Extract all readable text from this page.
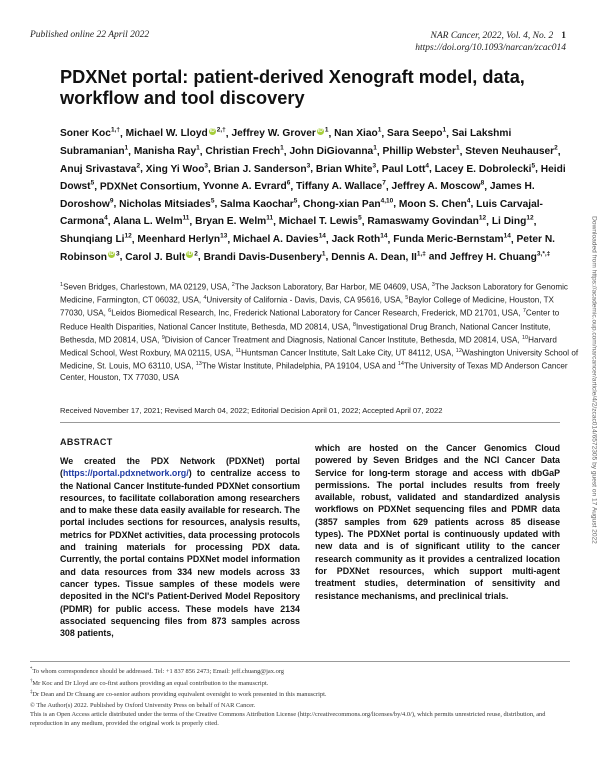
Published online 22 April 2022	NAR Cancer, 2022, Vol. 4, No. 2 1
https://doi.org/10.1093/narcan/zcac014
PDXNet portal: patient-derived Xenograft model, data, workflow and tool discovery
Soner Koc$^{1,\dagger}$, Michael W. Lloyd iD $^{2,\dagger}$, Jeffrey W. Grover iD $^1$, Nan Xiao$^1$, Sara Seepo$^1$, Sai Lakshmi Subramanian$^1$, Manisha Ray$^1$, Christian Frech$^1$, John DiGiovanna$^1$, Phillip Webster$^1$, Steven Neuhauser$^2$, Anuj Srivastava$^2$, Xing Yi Woo$^3$, Brian J. Sanderson$^3$, Brian White$^3$, Paul Lott$^4$, Lacey E. Dobrolecki$^5$, Heidi Dowst$^5$, PDXNet Consortium, Yvonne A. Evrard$^6$, Tiffany A. Wallace$^7$, Jeffrey A. Moscow$^8$, James H. Doroshow$^9$, Nicholas Mitsiades$^5$, Salma Kaochar$^5$, Chong-xian Pan$^{4,10}$, Moon S. Chen$^4$, Luis Carvajal-Carmona$^4$, Alana L. Welm$^{11}$, Bryan E. Welm$^{11}$, Michael T. Lewis$^5$, Ramaswamy Govindan$^{12}$, Li Ding$^{12}$, Shunqiang Li$^{12}$, Meenhard Herlyn$^{13}$, Michael A. Davies$^{14}$, Jack Roth$^{14}$, Funda Meric-Bernstam$^{14}$, Peter N. Robinson iD $^3$, Carol J. Bult iD $^2$, Brandi Davis-Dusenbery$^1$, Dennis A. Dean, $II^{1,\ddagger}$ and Jeffrey H. Chuang$^{3,*,\ddagger}$
$^1$Seven Bridges, Charlestown, MA 02129, USA, $^2$The Jackson Laboratory, Bar Harbor, ME 04609, USA, $^3$The Jackson Laboratory for Genomic Medicine, Farmington, CT 06032, USA, $^4$University of California - Davis, Davis, CA 95616, USA, $^5$Baylor College of Medicine, Houston, TX 77030, USA, $^6$Leidos Biomedical Research, Inc, Frederick National Laboratory for Cancer Research, Frederick, MD 21701, USA, $^7$Center to Reduce Health Disparities, National Cancer Institute, Bethesda, MD 20814, USA, $^8$Investigational Drug Branch, National Cancer Institute, Bethesda, MD 20814, USA, $^9$Division of Cancer Treatment and Diagnosis, National Cancer Institute, Bethesda, MD 20814, USA, $^{10}$Harvard Medical School, West Roxbury, MA 02115, USA, $^{11}$Huntsman Cancer Institute, Salt Lake City, UT 84112, USA, $^{12}$Washington University School of Medicine, St. Louis, MO 63110, USA, $^{13}$The Wistar Institute, Philadelphia, PA 19104, USA and $^{14}$The University of Texas MD Anderson Cancer Center, Houston, TX 77030, USA
Received November 17, 2021; Revised March 04, 2022; Editorial Decision April 01, 2022; Accepted April 07, 2022
ABSTRACT
We created the PDX Network (PDXNet) portal (https://portal.pdxnetwork.org/) to centralize access to the National Cancer Institute-funded PDXNet consortium resources, to facilitate collaboration among researchers and to make these data easily available for research. The portal includes sections for resources, analysis results, metrics for PDXNet activities, data processing protocols and training materials for processing PDX data. Currently, the portal contains PDXNet model information and data resources from 334 new models across 33 cancer types. Tissue samples of these models were deposited in the NCI's Patient-Derived Model Repository (PDMR) for public access. These models have 2134 associated sequencing files from 873 samples across 308 patients,
which are hosted on the Cancer Genomics Cloud powered by Seven Bridges and the NCI Cancer Data Service for long-term storage and access with dbGaP permissions. The portal includes results from freely available, robust, validated and standardized analysis workflows on PDXNet sequencing files and PDMR data (3857 samples from 629 patients across 85 disease types). The PDXNet portal is continuously updated with new data and is of significant utility to the cancer research community as it provides a centralized location for PDXNet resources, which support multi-agent treatment studies, determination of sensitivity and resistance mechanisms, and preclinical trials.
*To whom correspondence should be addressed. Tel: +1 837 856 2473; Email: jeff.chuang@jax.org
†Mr Koc and Dr Lloyd are co-first authors providing an equal contribution to the manuscript.
‡Dr Dean and Dr Chuang are co-senior authors providing equivalent oversight to work presented in this manuscript.
© The Author(s) 2022. Published by Oxford University Press on behalf of NAR Cancer.
This is an Open Access article distributed under the terms of the Creative Commons Attribution License (http://creativecommons.org/licenses/by/4.0/), which permits unrestricted reuse, distribution, and reproduction in any medium, provided the original work is properly cited.
Downloaded from https://academic.oup.com/narcancer/article/4/2/zcac014/6572305 by guest on 17 August 2022
